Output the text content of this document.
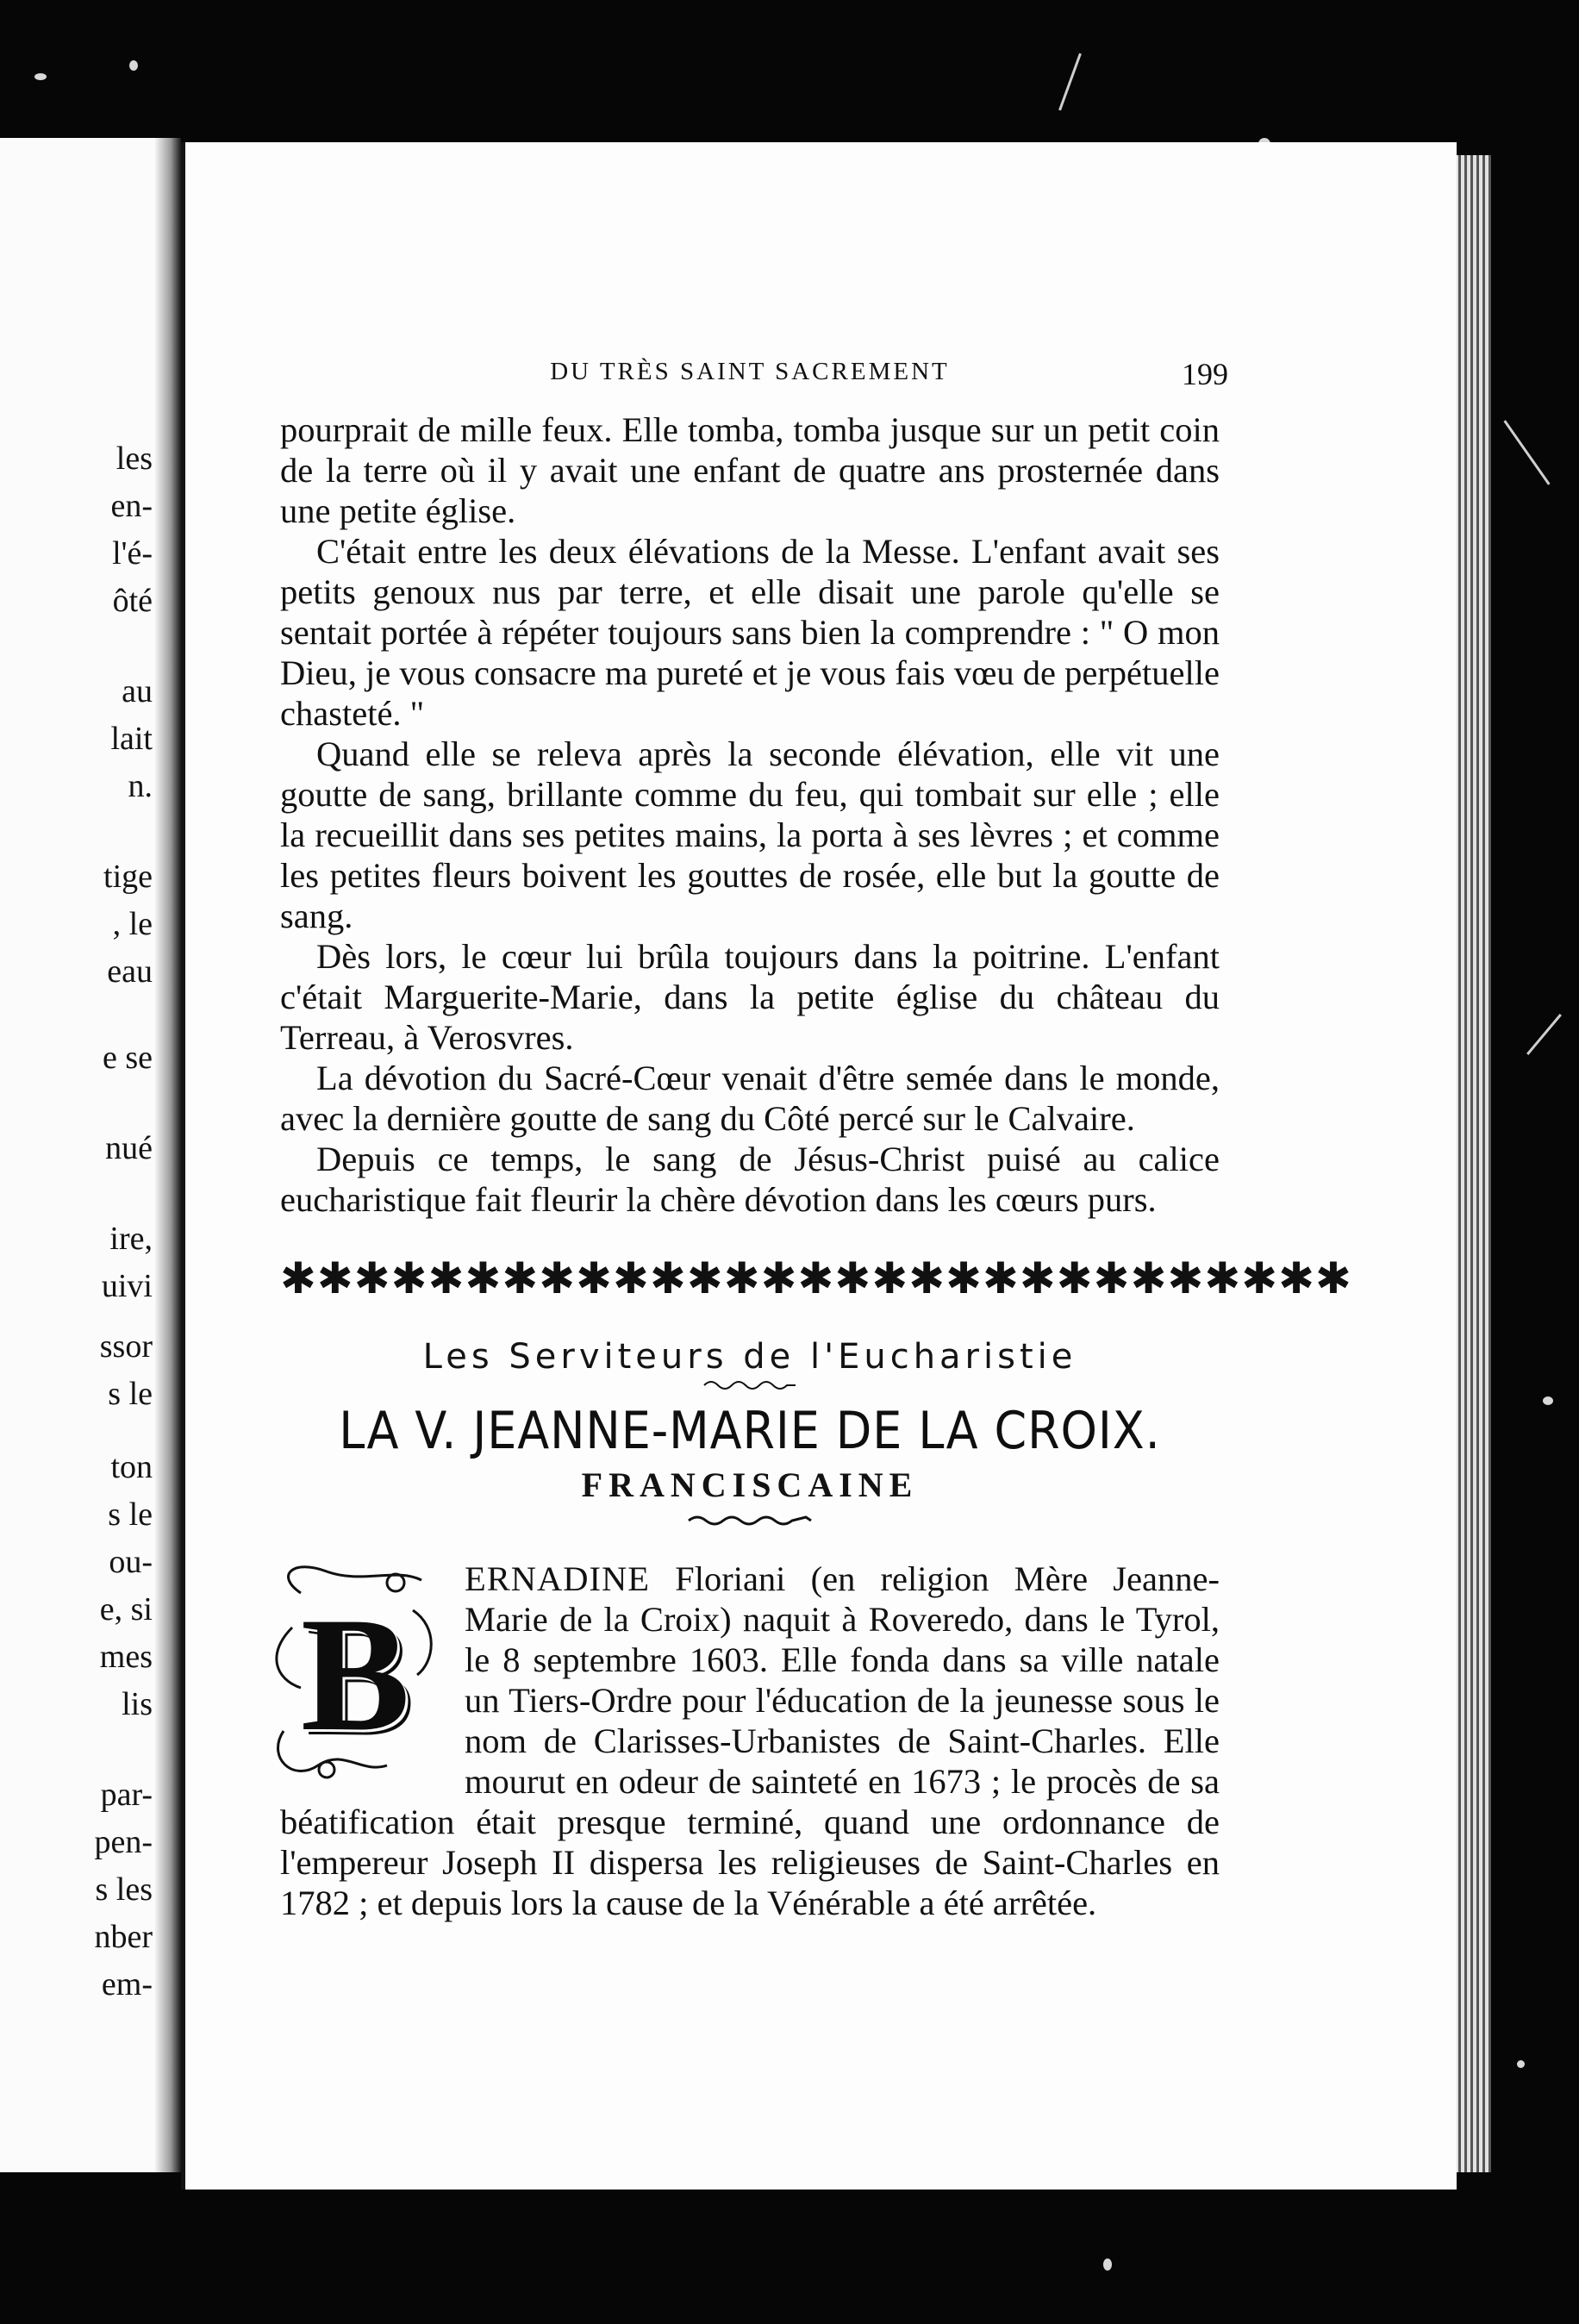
les
en-
l'é-
ôté
au
lait
n.
tige
, le
eau
e se
nué
ire,
uivi
ssor
s le
ton
s le
ou-
e, si
mes
lis
par-
pen-
s les
nber
em-
DU TRÈS SAINT SACREMENT	199

pourprait de mille feux. Elle tomba, tomba jusque sur un petit coin de la terre où il y avait une enfant de quatre ans prosternée dans une petite église.

C'était entre les deux élévations de la Messe. L'enfant avait ses petits genoux nus par terre, et elle disait une parole qu'elle se sentait portée à répéter toujours sans bien la comprendre : " O mon Dieu, je vous consacre ma pureté et je vous fais vœu de perpétuelle chasteté. "

Quand elle se releva après la seconde élévation, elle vit une goutte de sang, brillante comme du feu, qui tombait sur elle ; elle la recueillit dans ses petites mains, la porta à ses lèvres ; et comme les petites fleurs boivent les gouttes de rosée, elle but la goutte de sang.

Dès lors, le cœur lui brûla toujours dans la poitrine. L'enfant c'était Marguerite-Marie, dans la petite église du château du Terreau, à Verosvres.

La dévotion du Sacré-Cœur venait d'être semée dans le monde, avec la dernière goutte de sang du Côté percé sur le Calvaire.

Depuis ce temps, le sang de Jésus-Christ puisé au calice eucharistique fait fleurir la chère dévotion dans les cœurs purs.

✱✱✱✱✱✱✱✱✱✱✱✱✱✱✱✱✱✱✱✱✱✱✱✱✱✱✱✱✱
Les Serviteurs de l'Eucharistie
LA V. JEANNE-MARIE DE LA CROIX.
FRANCISCAINE
B

ERNADINE Floriani (en religion Mère Jeanne-Marie de la Croix) naquit à Roveredo, dans le Tyrol, le 8 septembre 1603. Elle fonda dans sa ville natale un Tiers-Ordre pour l'éducation de la jeunesse sous le nom de Clarisses-Urbanistes de Saint-Charles. Elle mourut en odeur de sainteté en 1673 ; le procès de sa béatification était presque terminé, quand une ordonnance de l'empereur Joseph II dispersa les religieuses de Saint-Charles en 1782 ; et depuis lors la cause de la Vénérable a été arrêtée.
